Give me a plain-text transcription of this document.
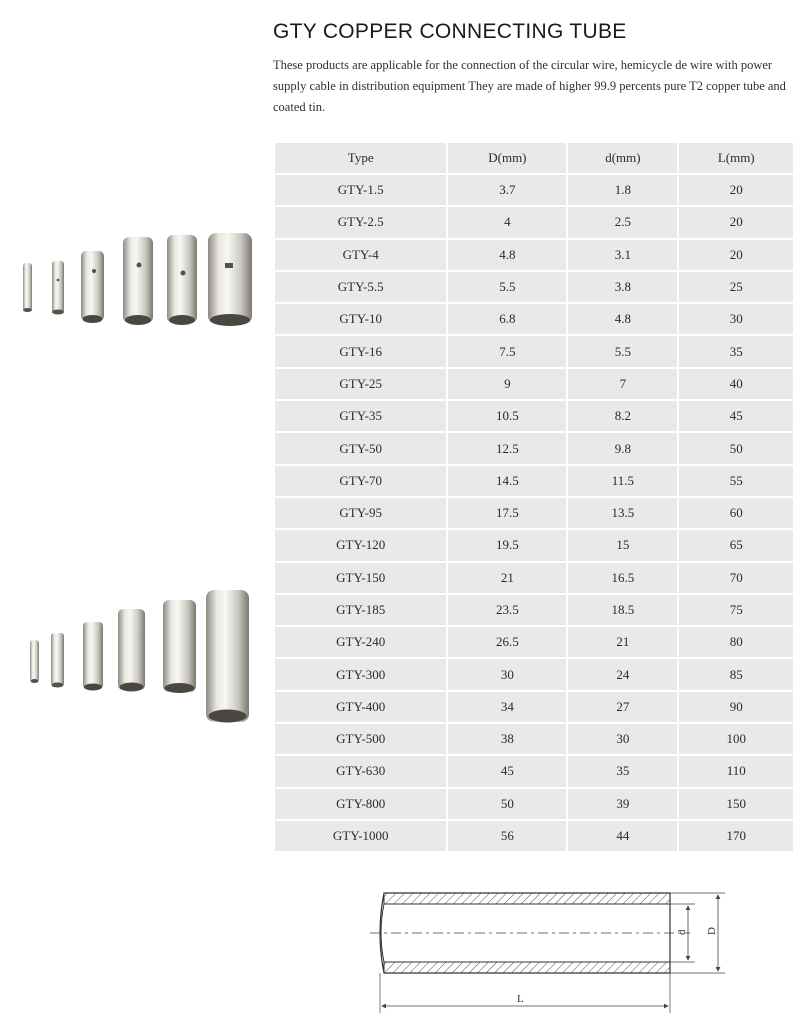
GTY COPPER CONNECTING TUBE
These products are applicable for the connection of the circular wire, hemicycle de wire with power supply cable in distribution equipment They are made of higher 99.9 percents pure T2 copper tube and coated tin.
Type	D(mm)	d(mm)	L(mm)
GTY-1.5	3.7	1.8	20
GTY-2.5	4	2.5	20
GTY-4	4.8	3.1	20
GTY-5.5	5.5	3.8	25
GTY-10	6.8	4.8	30
GTY-16	7.5	5.5	35
GTY-25	9	7	40
GTY-35	10.5	8.2	45
GTY-50	12.5	9.8	50
GTY-70	14.5	11.5	55
GTY-95	17.5	13.5	60
GTY-120	19.5	15	65
GTY-150	21	16.5	70
GTY-185	23.5	18.5	75
GTY-240	26.5	21	80
GTY-300	30	24	85
GTY-400	34	27	90
GTY-500	38	30	100
GTY-630	45	35	110
GTY-800	50	39	150
GTY-1000	56	44	170
d D
L
